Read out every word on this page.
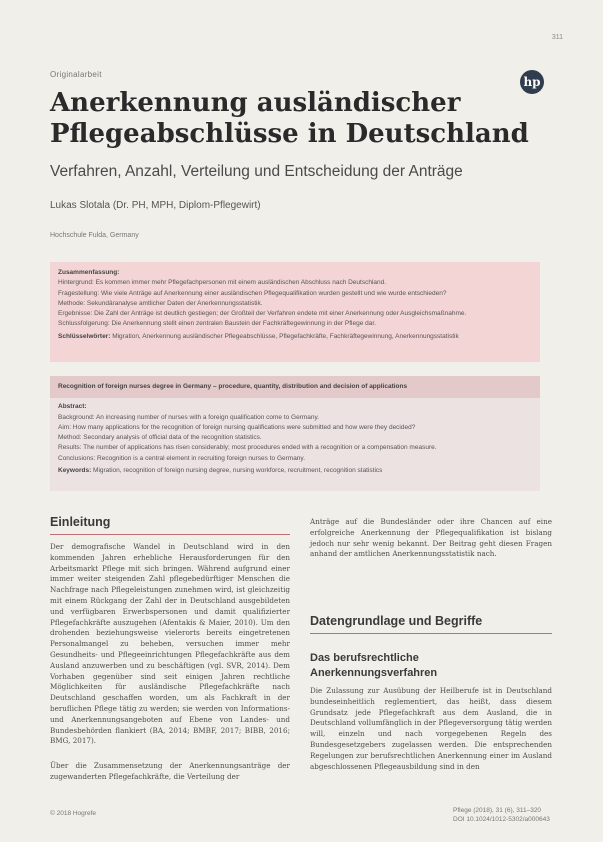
311
Originalarbeit
hp
Anerkennung ausländischer Pflegeabschlüsse in Deutschland
Verfahren, Anzahl, Verteilung und Entscheidung der Anträge
Lukas Slotala (Dr. PH, MPH, Diplom-Pflegewirt)
Hochschule Fulda, Germany
Zusammenfassung:
Hintergrund: Es kommen immer mehr Pflegefachpersonen mit einem ausländischen Abschluss nach Deutschland.
Fragestellung: Wie viele Anträge auf Anerkennung einer ausländischen Pflegequalifikation wurden gestellt und wie wurde entschieden?
Methode: Sekundäranalyse amtlicher Daten der Anerkennungsstatistik.
Ergebnisse: Die Zahl der Anträge ist deutlich gestiegen; der Großteil der Verfahren endete mit einer Anerkennung oder Ausgleichsmaßnahme.
Schlussfolgerung: Die Anerkennung stellt einen zentralen Baustein der Fachkräftegewinnung in der Pflege dar.
Schlüsselwörter: Migration, Anerkennung ausländischer Pflegeabschlüsse, Pflegefachkräfte, Fachkräftegewinnung, Anerkennungsstatistik
Recognition of foreign nurses degree in Germany – procedure, quantity, distribution and decision of applications
Abstract:
Background: An increasing number of nurses with a foreign qualification come to Germany.
Aim: How many applications for the recognition of foreign nursing qualifications were submitted and how were they decided?
Method: Secondary analysis of official data of the recognition statistics.
Results: The number of applications has risen considerably; most procedures ended with a recognition or a compensation measure.
Conclusions: Recognition is a central element in recruiting foreign nurses to Germany.
Keywords: Migration, recognition of foreign nursing degree, nursing workforce, recruitment, recognition statistics
Einleitung
Der demografische Wandel in Deutschland wird in den kommenden Jahren erhebliche Herausforderungen für den Arbeitsmarkt Pflege mit sich bringen. Während aufgrund einer immer weiter steigenden Zahl pflegebedürftiger Menschen die Nachfrage nach Pflegeleistungen zunehmen wird, ist gleichzeitig mit einem Rückgang der Zahl der in Deutschland ausgebildeten und verfügbaren Erwerbspersonen und damit qualifizierter Pflegefachkräfte auszugehen (Afentakis & Maier, 2010). Um den drohenden beziehungsweise vielerorts bereits eingetretenen Personalmangel zu beheben, versuchen immer mehr Gesundheits- und Pflegeeinrichtungen Pflegefachkräfte aus dem Ausland anzuwerben und zu beschäftigen (vgl. SVR, 2014). Dem Vorhaben gegenüber sind seit einigen Jahren rechtliche Möglichkeiten für ausländische Pflegefachkräfte nach Deutschland geschaffen worden, um als Fachkraft in der beruflichen Pflege tätig zu werden; sie werden von Informations- und Anerkennungsangeboten auf Ebene von Landes- und Bundesbehörden flankiert (BA, 2014; BMBF, 2017; BIBB, 2016; BMG, 2017).
Über die Zusammensetzung der Anerkennungsanträge der zugewanderten Pflegefachkräfte, die Verteilung der
Anträge auf die Bundesländer oder ihre Chancen auf eine erfolgreiche Anerkennung der Pflegequalifikation ist bislang jedoch nur sehr wenig bekannt. Der Beitrag geht diesen Fragen anhand der amtlichen Anerkennungsstatistik nach.
Datengrundlage und Begriffe
Das berufsrechtliche Anerkennungsverfahren
Die Zulassung zur Ausübung der Heilberufe ist in Deutschland bundeseinheitlich reglementiert, das heißt, dass diesem Grundsatz jede Pflegefachkraft aus dem Ausland, die in Deutschland vollumfänglich in der Pflegeversorgung tätig werden will, einzeln und nach vorgegebenen Regeln des Bundesgesetzgebers zugelassen werden. Die entsprechenden Regelungen zur berufsrechtlichen Anerkennung einer im Ausland abgeschlossenen Pflegeausbildung sind in den
© 2018 Hogrefe	Pflege (2018), 31 (6), 311–320 DOI 10.1024/1012-5302/a000643
